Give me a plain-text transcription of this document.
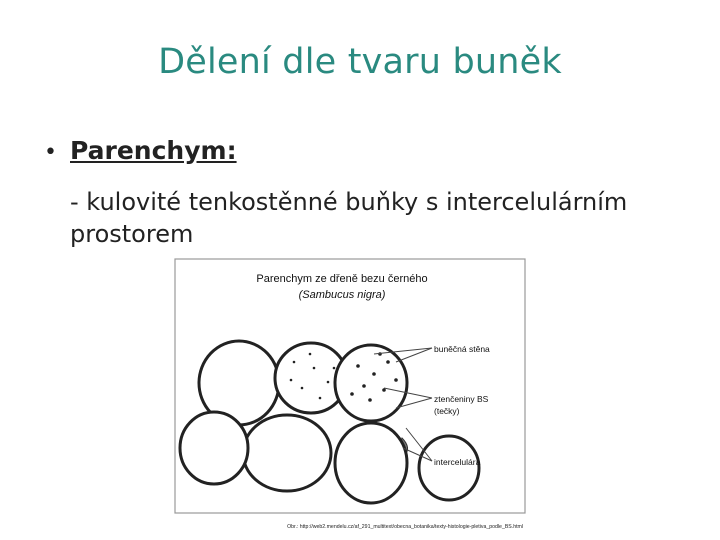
Dělení dle tvaru buněk
• Parenchym:
- kulovité tenkostěnné buňky s intercelulárním prostorem
Parenchym ze dřeně bezu černého
(Sambucus nigra)
buněčná stěna
ztenčeniny BS
(tečky)
intercelulára
Obr.: http://web2.mendelu.cz/af_291_multitext/obecna_botanika/texty-histologie-pletiva_podle_BS.html
